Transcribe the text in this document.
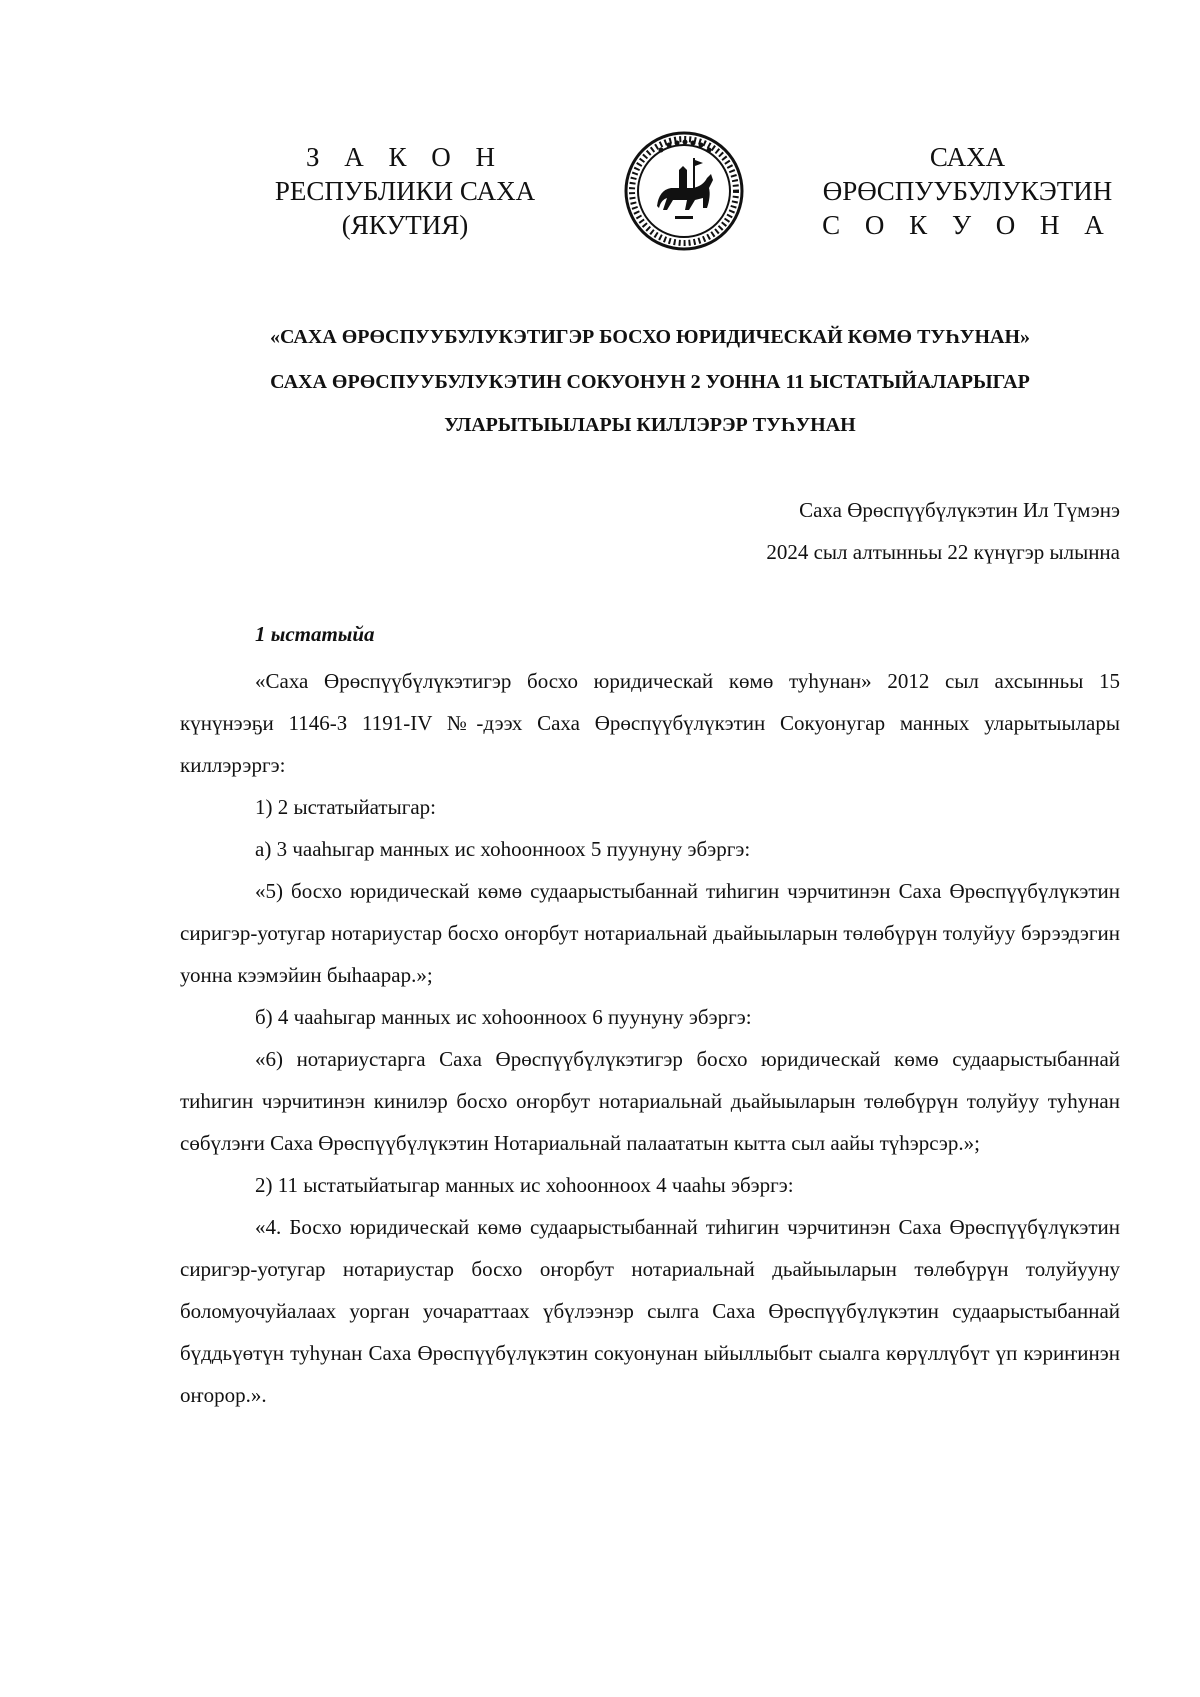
З А К О Н
РЕСПУБЛИКИ САХА (ЯКУТИЯ)
САХА ӨРӨСПУУБУЛУКЭТИН
С О К У О Н А
«САХА ӨРӨСПУУБУЛУКЭТИГЭР БОСХО ЮРИДИЧЕСКАЙ КӨМӨ ТУҺУНАН»
САХА ӨРӨСПУУБУЛУКЭТИН СОКУОНУН 2 УОННА 11 ЫСТАТЫЙАЛАРЫГАР
УЛАРЫТЫЫЛАРЫ КИЛЛЭРЭР ТУҺУНАН
Саха Өрөспүүбүлүкэтин Ил Түмэнэ
2024 сыл алтынньы 22 күнүгэр ылынна
1 ыстатыйа

«Саха Өрөспүүбүлүкэтигэр босхо юридическай көмө туһунан» 2012 сыл ахсынньы 15 күнүнээҕи 1146-З 1191-IV №-дээх Саха Өрөспүүбүлүкэтин Сокуонугар манных уларытыылары киллэрэргэ:

1) 2 ыстатыйатыгар:

а) 3 чааһыгар манных ис хоһоонноох 5 пуунуну эбэргэ:

«5) босхо юридическай көмө судаарыстыбаннай тиһигин чэрчитинэн Саха Өрөспүүбүлүкэтин сиригэр-уотугар нотариустар босхо оҥорбут нотариальнай дьайыыларын төлөбүрүн толуйуу бэрээдэгин уонна кээмэйин быһаарар.»;

б) 4 чааһыгар манных ис хоһоонноох 6 пуунуну эбэргэ:

«6) нотариустарга Саха Өрөспүүбүлүкэтигэр босхо юридическай көмө судаарыстыбаннай тиһигин чэрчитинэн кинилэр босхо оҥорбут нотариальнай дьайыыларын төлөбүрүн толуйуу туһунан сөбүлэҥи Саха Өрөспүүбүлүкэтин Нотариальнай палаататын кытта сыл аайы түһэрсэр.»;

2) 11 ыстатыйатыгар манных ис хоһоонноох 4 чааһы эбэргэ:

«4. Босхо юридическай көмө судаарыстыбаннай тиһигин чэрчитинэн Саха Өрөспүүбүлүкэтин сиригэр-уотугар нотариустар босхо оҥорбут нотариальнай дьайыыларын төлөбүрүн толуйууну боломуочуйалаах уорган уочараттаах үбүлээнэр сылга Саха Өрөспүүбүлүкэтин судаарыстыбаннай бүддьүөтүн туһунан Саха Өрөспүүбүлүкэтин сокуонунан ыйыллыбыт сыалга көрүллүбүт үп кэриҥинэн оҥорор.».
